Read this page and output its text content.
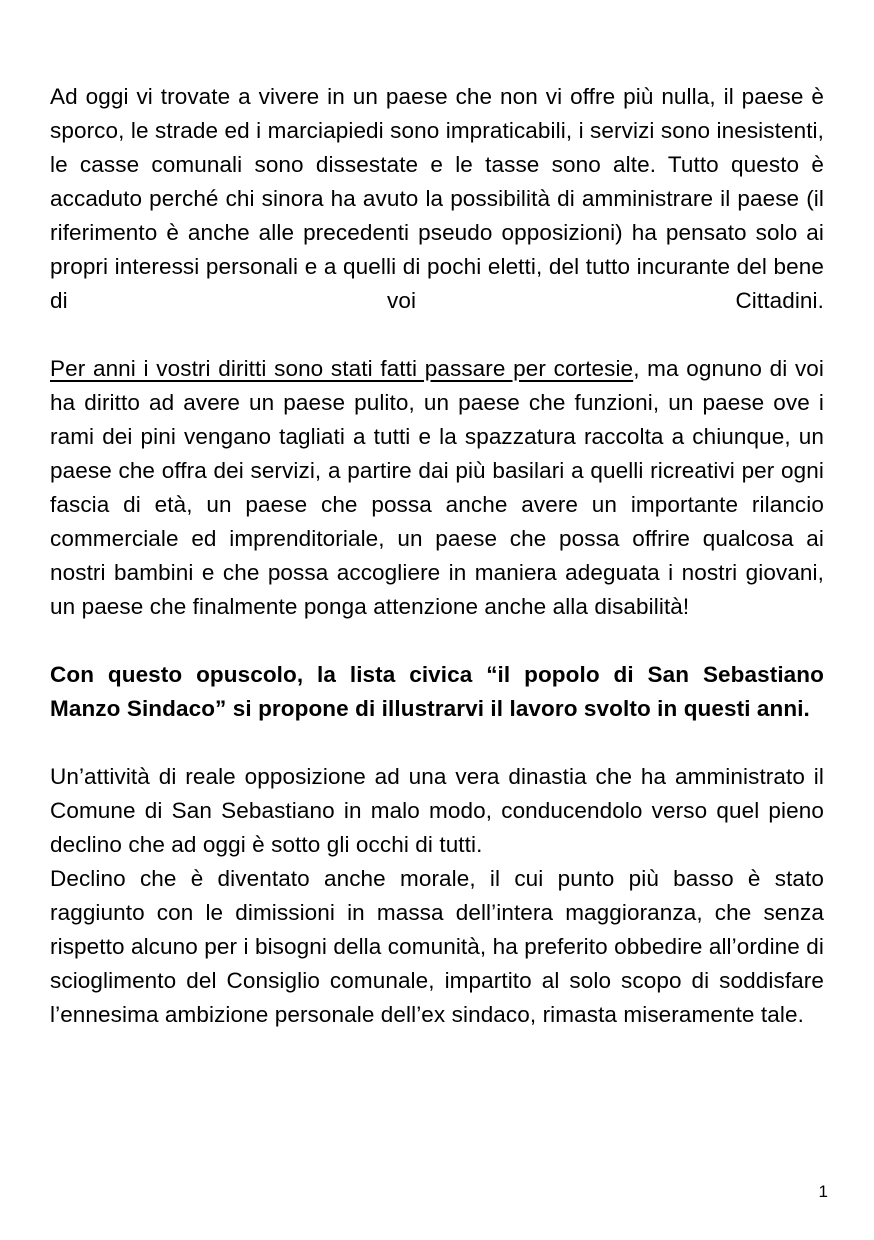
Ad oggi vi trovate a vivere in un paese che non vi offre più nulla, il paese è sporco, le strade ed i marciapiedi sono impraticabili, i servizi sono inesistenti, le casse comunali sono dissestate e le tasse sono alte. Tutto questo è accaduto perché chi sinora ha avuto la possibilità di amministrare il paese (il riferimento è anche alle precedenti pseudo opposizioni) ha pensato solo ai propri interessi personali e a quelli di pochi eletti, del tutto incurante del bene di voi Cittadini.

Per anni i vostri diritti sono stati fatti passare per cortesie, ma ognuno di voi ha diritto ad avere un paese pulito, un paese che funzioni, un paese ove i rami dei pini vengano tagliati a tutti e la spazzatura raccolta a chiunque, un paese che offra dei servizi, a partire dai più basilari a quelli ricreativi per ogni fascia di età, un paese che possa anche avere un importante rilancio commerciale ed imprenditoriale, un paese che possa offrire qualcosa ai nostri bambini e che possa accogliere in maniera adeguata i nostri giovani, un paese che finalmente ponga attenzione anche alla disabilità!

Con questo opuscolo, la lista civica “il popolo di San Sebastiano Manzo Sindaco” si propone di illustrarvi il lavoro svolto in questi anni.

Un’attività di reale opposizione ad una vera dinastia che ha amministrato il Comune di San Sebastiano in malo modo, conducendolo verso quel pieno declino che ad oggi è sotto gli occhi di tutti.

Declino che è diventato anche morale, il cui punto più basso è stato raggiunto con le dimissioni in massa dell’intera maggioranza, che senza rispetto alcuno per i bisogni della comunità, ha preferito obbedire all’ordine di scioglimento del Consiglio comunale, impartito al solo scopo di soddisfare l’ennesima ambizione personale dell’ex sindaco, rimasta miseramente tale.

1
